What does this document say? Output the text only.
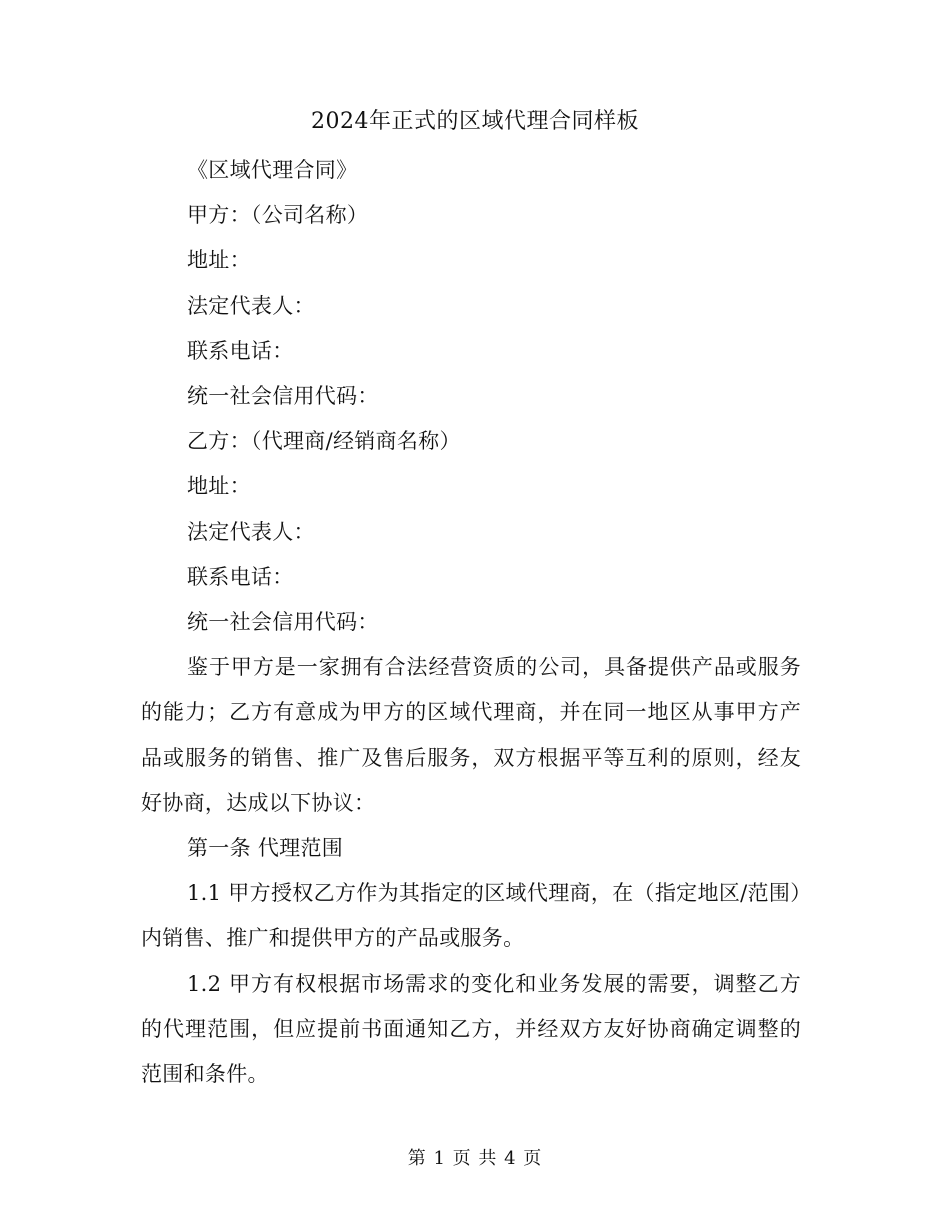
2024年正式的区域代理合同样板

《区域代理合同》

甲方：（公司名称）

地址：

法定代表人：

联系电话：

统一社会信用代码：

乙方：（代理商/经销商名称）

地址：

法定代表人：

联系电话：

统一社会信用代码：

鉴于甲方是一家拥有合法经营资质的公司，具备提供产品或服务的能力；乙方有意成为甲方的区域代理商，并在同一地区从事甲方产品或服务的销售、推广及售后服务，双方根据平等互利的原则，经友好协商，达成以下协议：

第一条 代理范围

1.1 甲方授权乙方作为其指定的区域代理商，在（指定地区/范围）内销售、推广和提供甲方的产品或服务。

1.2 甲方有权根据市场需求的变化和业务发展的需要，调整乙方的代理范围，但应提前书面通知乙方，并经双方友好协商确定调整的范围和条件。

第 1 页 共 4 页
